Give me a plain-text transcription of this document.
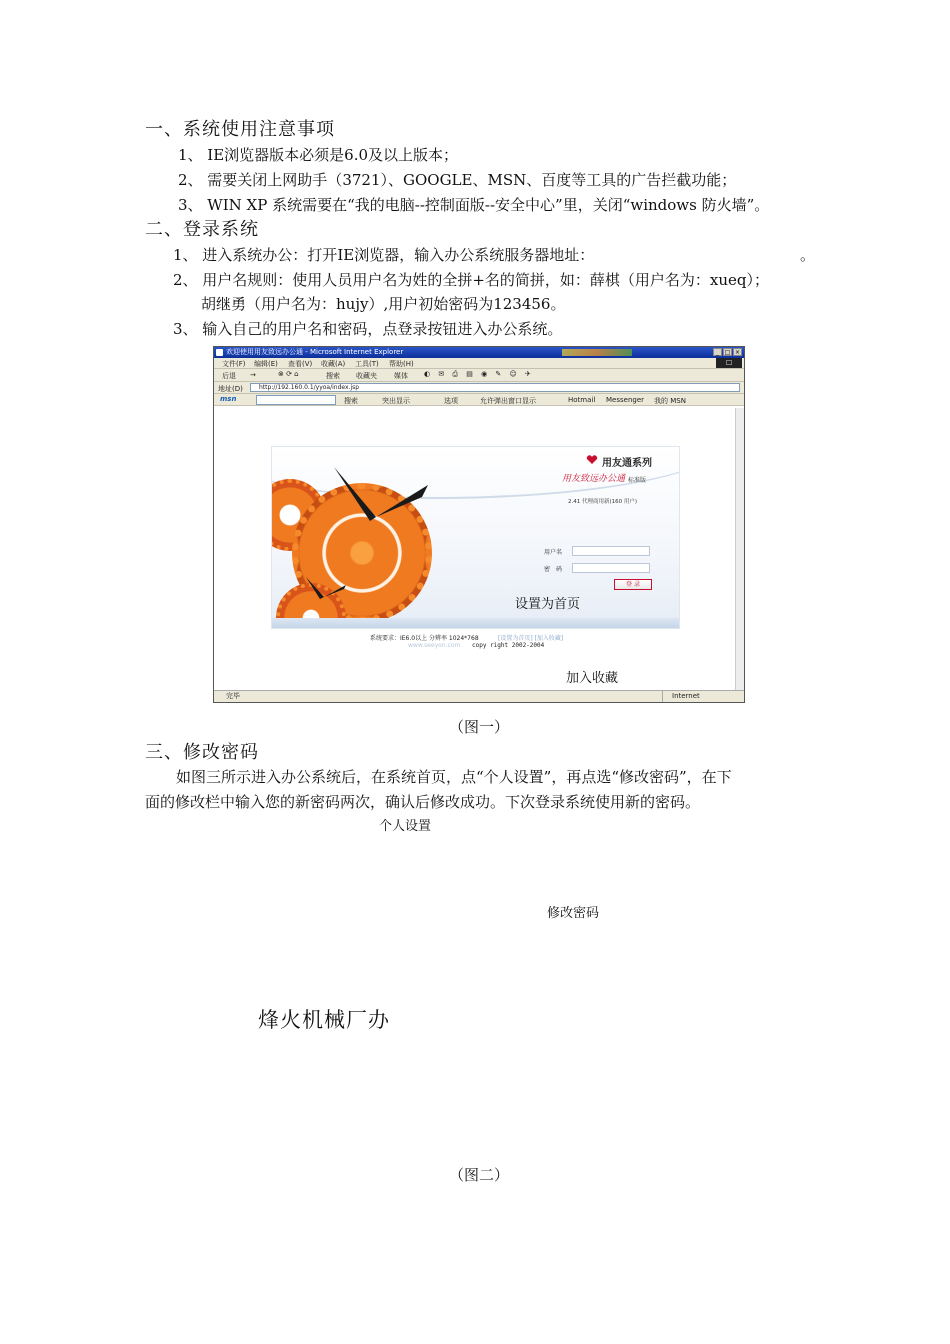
一、系统使用注意事项
1、 IE浏览器版本必须是6.0及以上版本；
2、 需要关闭上网助手（3721）、GOOGLE、MSN、百度等工具的广告拦截功能；
3、 WIN XP 系统需要在“我的电脑--控制面版--安全中心”里，关闭“windows 防火墙”。
二、登录系统
1、 进入系统办公：打开IE浏览器，输入办公系统服务器地址：	。
2、 用户名规则：使用人员用户名为姓的全拼+名的简拼，如：薛棋（用户名为：xueq）；
胡继勇（用户名为：hujy）,用户初始密码为123456。
3、 输入自己的用户名和密码，点登录按钮进入办公系统。
欢迎使用用友致远办公通 - Microsoft Internet Explorer	_ □ ×
文件(F) 编辑(E) 查看(V) 收藏(A) 工具(T) 帮助(H)	☐
后退 →	⊗ ⟳ ⌂	搜索 收藏夹 媒体 ◐ ✉ ⎙ ▤ ◉ ✎ ☺ ✈
地址(D)	http://192.160.0.1/yyoa/index.jsp
msn	搜索	突出显示	选项	允许弹出窗口显示	Hotmail Messenger 我的 MSN
用友通系列
用友致远办公通 标准版
2.41 代理商用新(160 用户)
用户名
密　码
登 录
设置为首页
系统要求：IE6.0以上 分辨率 1024*768	[设置为首页] [加入收藏]
www.seeyon.com copy right 2002-2004
加入收藏
完毕	Internet
（图一）
三、修改密码
如图三所示进入办公系统后，在系统首页，点“个人设置”，再点选“修改密码”，在下
面的修改栏中输入您的新密码两次，确认后修改成功。下次登录系统使用新的密码。
个人设置
修改密码
烽火机械厂办
（图二）
